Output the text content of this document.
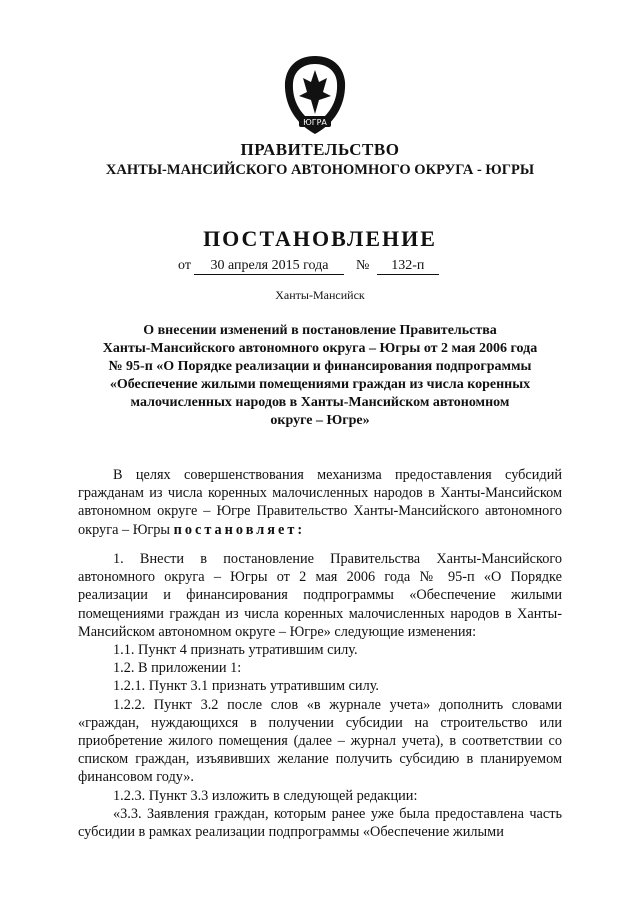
ЮГРА
ПРАВИТЕЛЬСТВО
ХАНТЫ-МАНСИЙСКОГО АВТОНОМНОГО ОКРУГА - ЮГРЫ
ПОСТАНОВЛЕНИЕ
от 30 апреля 2015 года № 132-п
Ханты-Мансийск
О внесении изменений в постановление Правительства
Ханты-Мансийского автономного округа – Югры от 2 мая 2006 года
№ 95-п «О Порядке реализации и финансирования подпрограммы
«Обеспечение жилыми помещениями граждан из числа коренных
малочисленных народов в Ханты-Мансийском автономном
округе – Югре»

В целях совершенствования механизма предоставления субсидий гражданам из числа коренных малочисленных народов в Ханты-Мансийском автономном округе – Югре Правительство Ханты-Мансийского автономного округа – Югры постановляет:

1. Внести в постановление Правительства Ханты-Мансийского автономного округа – Югры от 2 мая 2006 года № 95-п «О Порядке реализации и финансирования подпрограммы «Обеспечение жилыми помещениями граждан из числа коренных малочисленных народов в Ханты-Мансийском автономном округе – Югре» следующие изменения:

1.1. Пункт 4 признать утратившим силу.

1.2. В приложении 1:

1.2.1. Пункт 3.1 признать утратившим силу.

1.2.2. Пункт 3.2 после слов «в журнале учета» дополнить словами «граждан, нуждающихся в получении субсидии на строительство или приобретение жилого помещения (далее – журнал учета), в соответствии со списком граждан, изъявивших желание получить субсидию в планируемом финансовом году».

1.2.3. Пункт 3.3 изложить в следующей редакции:

«3.3. Заявления граждан, которым ранее уже была предоставлена часть субсидии в рамках реализации подпрограммы «Обеспечение жилыми
